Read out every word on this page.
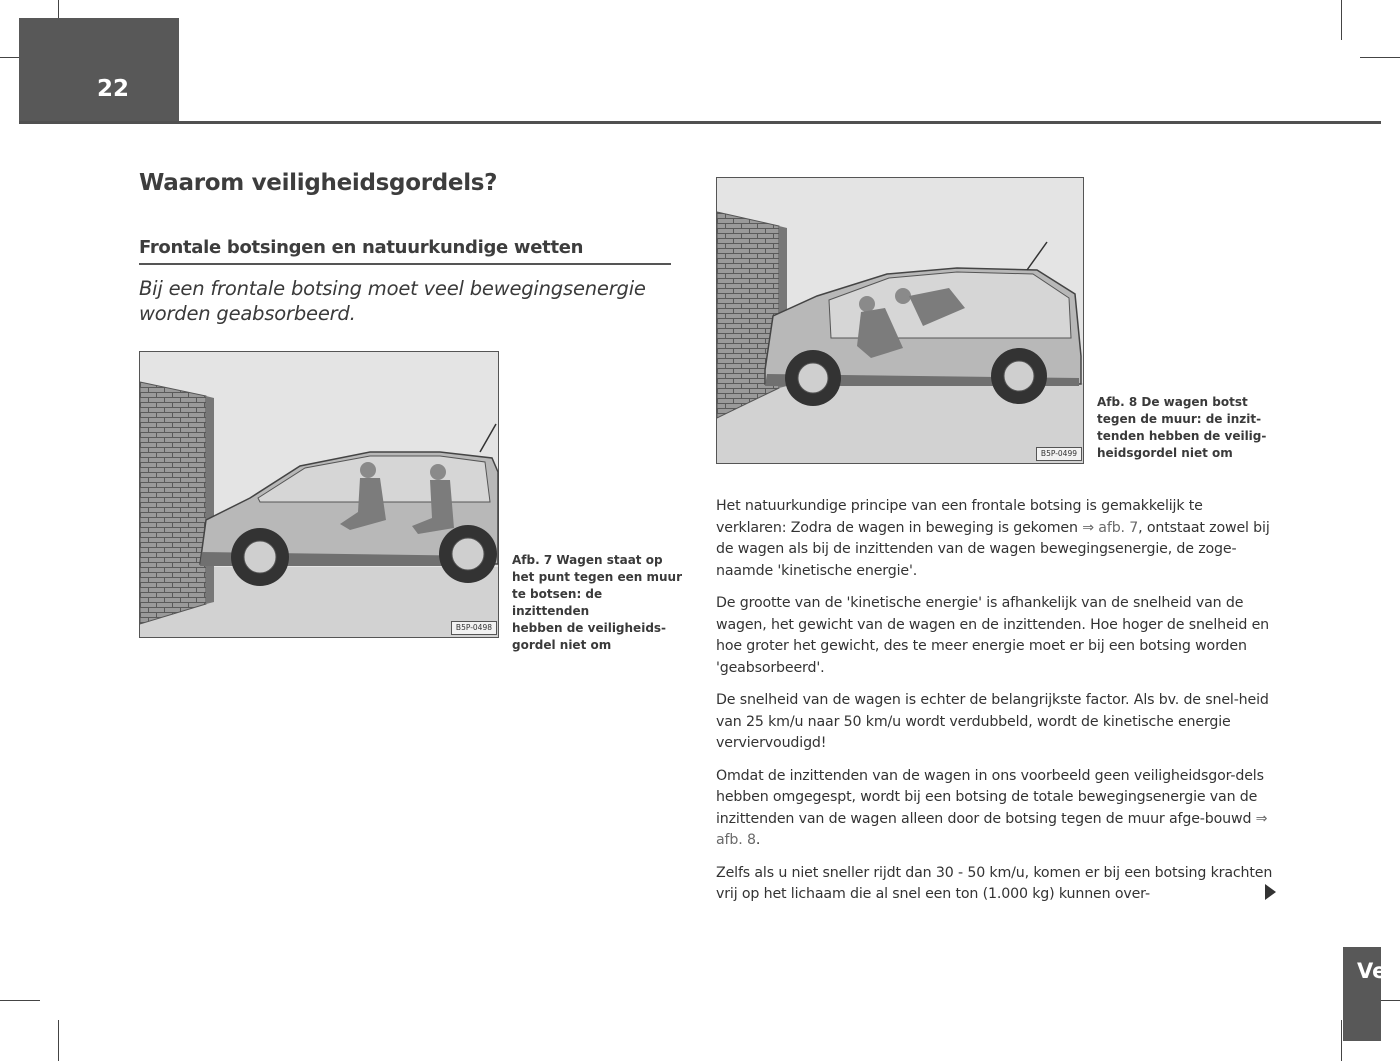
22
Waarom veiligheidsgordels?
Frontale botsingen en natuurkundige wetten

Bij een frontale botsing moet veel bewegingsenergie worden geabsorbeerd.

B5P-0498
Afb. 7 Wagen staat op
het punt tegen een muur
te botsen: de inzittenden
hebben de veiligheids-
gordel niet om
B5P-0499
Afb. 8 De wagen botst
tegen de muur: de inzit-
tenden hebben de veilig-
heidsgordel niet om

Het natuurkundige principe van een frontale botsing is gemakkelijk te verklaren: Zodra de wagen in beweging is gekomen ⇒ afb. 7, ontstaat zowel bij de wagen als bij de inzittenden van de wagen bewegingsenergie, de zoge-naamde 'kinetische energie'.

De grootte van de 'kinetische energie' is afhankelijk van de snelheid van de wagen, het gewicht van de wagen en de inzittenden. Hoe hoger de snelheid en hoe groter het gewicht, des te meer energie moet er bij een botsing worden 'geabsorbeerd'.

De snelheid van de wagen is echter de belangrijkste factor. Als bv. de snel-heid van 25 km/u naar 50 km/u wordt verdubbeld, wordt de kinetische energie verviervoudigd!

Omdat de inzittenden van de wagen in ons voorbeeld geen veiligheidsgor-dels hebben omgegespt, wordt bij een botsing de totale bewegingsenergie van de inzittenden van de wagen alleen door de botsing tegen de muur afge-bouwd ⇒ afb. 8.

Zelfs als u niet sneller rijdt dan 30 - 50 km/u, komen er bij een botsing krachten vrij op het lichaam die al snel een ton (1.000 kg) kunnen over-

Ve
